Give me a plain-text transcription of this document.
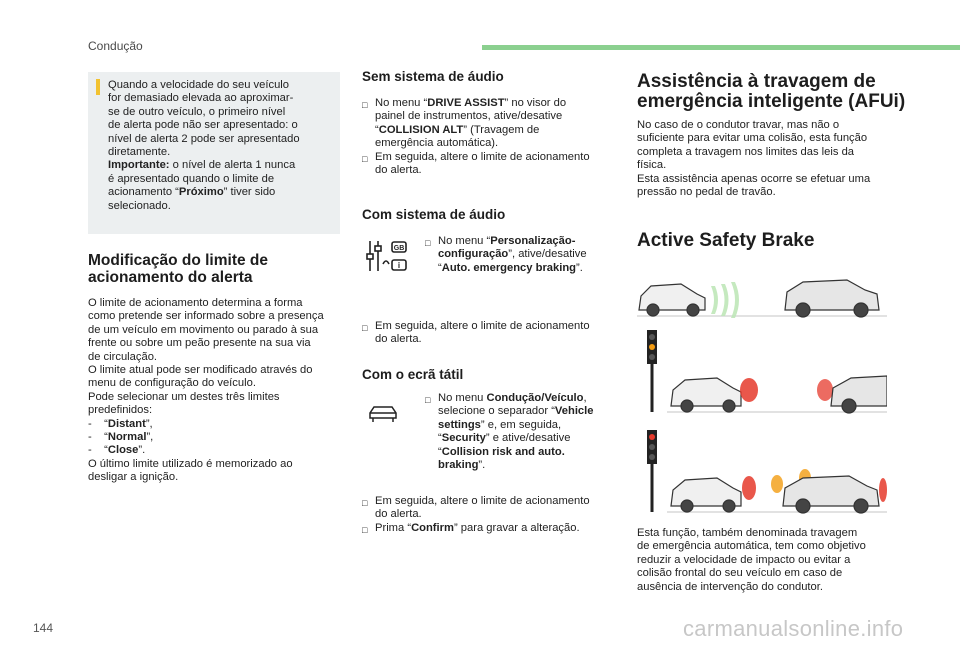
Condução
Quando a velocidade do seu veículo
for demasiado elevada ao aproximar-
se de outro veículo, o primeiro nível
de alerta pode não ser apresentado: o
nível de alerta 2 pode ser apresentado
diretamente.
Importante: o nível de alerta 1 nunca
é apresentado quando o limite de
acionamento “Próximo” tiver sido
selecionado.
Modificação do limite de
acionamento do alerta
O limite de acionamento determina a forma
como pretende ser informado sobre a presença
de um veículo em movimento ou parado à sua
frente ou sobre um peão presente na sua via
de circulação.
O limite atual pode ser modificado através do
menu de configuração do veículo.
Pode selecionar um destes três limites
predefinidos:
-    “Distant”,
-    “Normal”,
-    “Close”.
O último limite utilizado é memorizado ao
desligar a ignição.
Sem sistema de áudio
□ No menu “DRIVE ASSIST” no visor do
painel de instrumentos, ative/desative
“COLLISION ALT” (Travagem de
emergência automática).
□ Em seguida, altere o limite de acionamento
do alerta.
Com sistema de áudio
GB
i
□ No menu “Personalização-
configuração”, ative/desative
“Auto. emergency braking”.
□ Em seguida, altere o limite de acionamento
do alerta.
Com o ecrã tátil
□ No menu Condução/Veículo,
selecione o separador “Vehicle
settings” e, em seguida,
“Security” e ative/desative
“Collision risk and auto.
braking”.
□ Em seguida, altere o limite de acionamento
do alerta.
□ Prima “Confirm” para gravar a alteração.
Assistência à travagem de
emergência inteligente (AFUi)
No caso de o condutor travar, mas não o
suficiente para evitar uma colisão, esta função
completa a travagem nos limites das leis da
física.
Esta assistência apenas ocorre se efetuar uma
pressão no pedal de travão.
Active Safety Brake
Esta função, também denominada travagem
de emergência automática, tem como objetivo
reduzir a velocidade de impacto ou evitar a
colisão frontal do seu veículo em caso de
ausência de intervenção do condutor.
144	carmanualsonline.info
